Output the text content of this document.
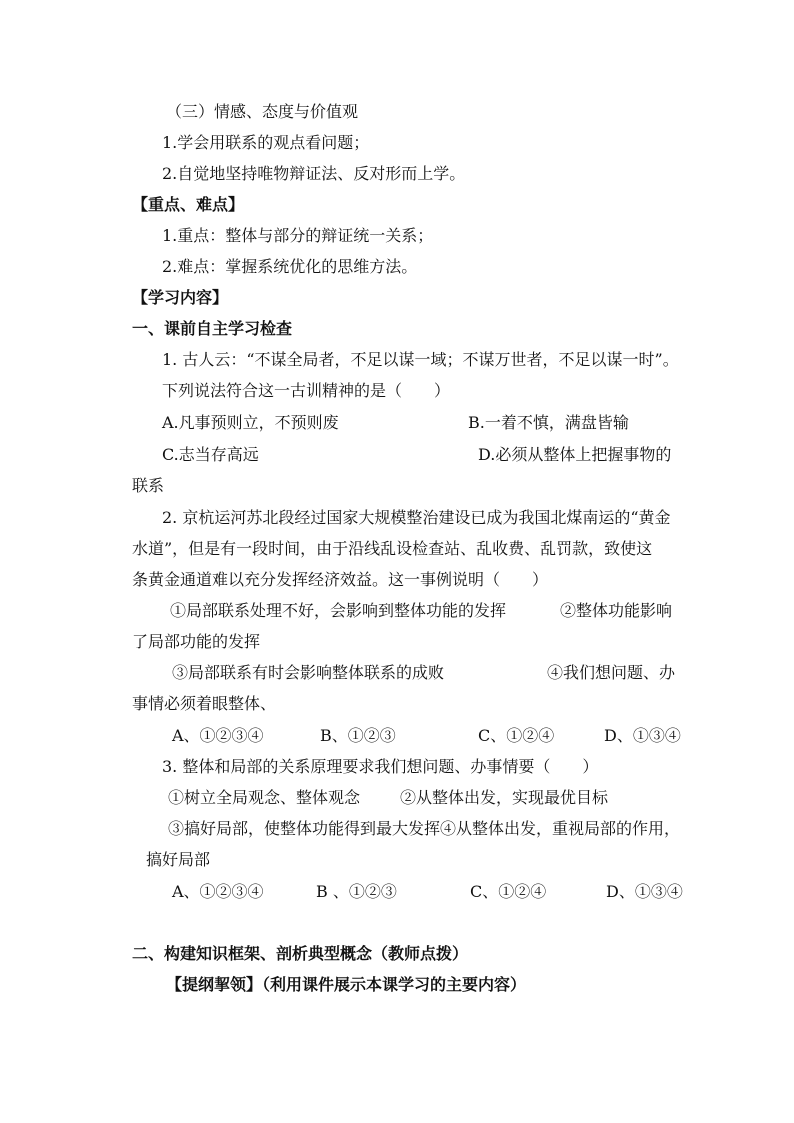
（三）情感、态度与价值观
1.学会用联系的观点看问题；
2.自觉地坚持唯物辩证法、反对形而上学。
【重点、难点】
1.重点：整体与部分的辩证统一关系；
2.难点：掌握系统优化的思维方法。
【学习内容】
一、课前自主学习检查
1. 古人云：“不谋全局者，不足以谋一域；不谋万世者，不足以谋一时”。
下列说法符合这一古训精神的是（　　）
A.凡事预则立，不预则废	B.一着不慎，满盘皆输
C.志当存高远	D.必须从整体上把握事物的
联系
2. 京杭运河苏北段经过国家大规模整治建设已成为我国北煤南运的“黄金
水道”，但是有一段时间，由于沿线乱设检查站、乱收费、乱罚款，致使这
条黄金通道难以充分发挥经济效益。这一事例说明（　　）
①局部联系处理不好，会影响到整体功能的发挥	②整体功能影响
了局部功能的发挥
③局部联系有时会影响整体联系的成败	④我们想问题、办
事情必须着眼整体、
A、①②③④	B、①②③	C、①②④	D、①③④
3. 整体和局部的关系原理要求我们想问题、办事情要（　　）
①树立全局观念、整体观念 ②从整体出发，实现最优目标
③搞好局部，使整体功能得到最大发挥④从整体出发，重视局部的作用，
搞好局部
A、①②③④	B 、①②③	C、①②④	D、①③④
二、构建知识框架、剖析典型概念（教师点拨）
【提纲挈领】（利用课件展示本课学习的主要内容）
